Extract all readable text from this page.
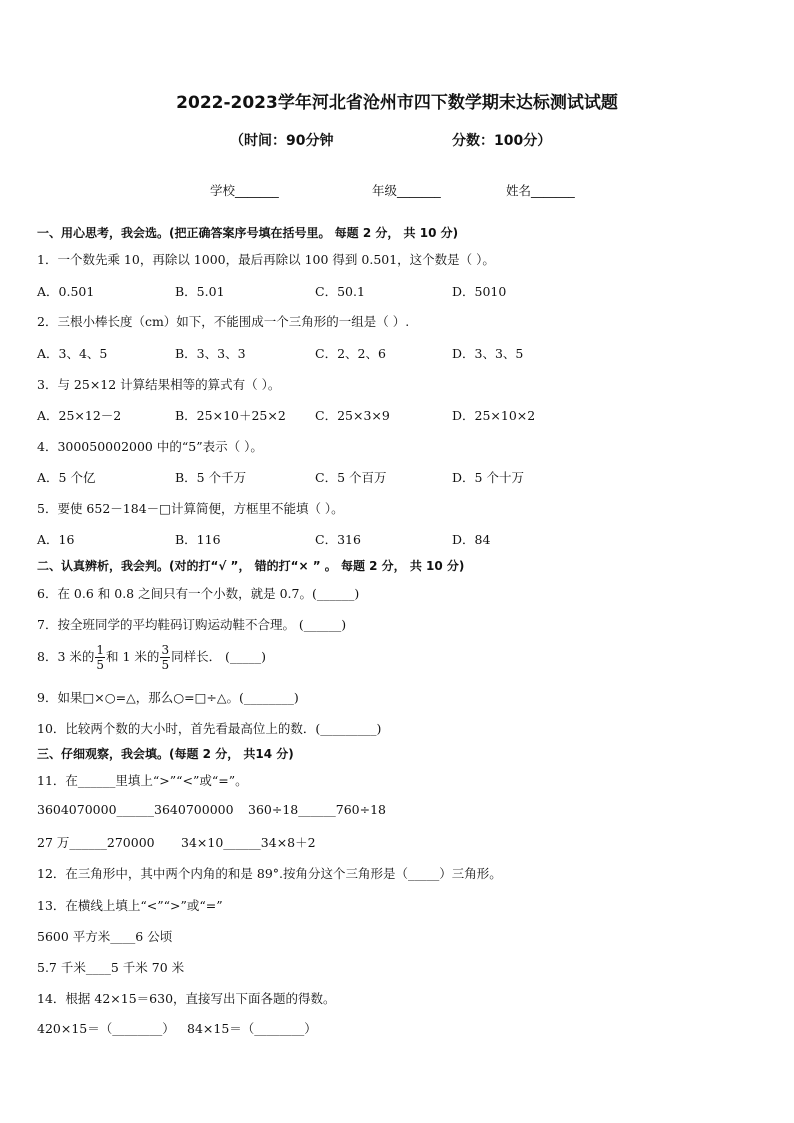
2022-2023学年河北省沧州市四下数学期末达标测试试题
（时间：90分钟	分数：100分）
学校_______	年级_______	姓名_______
一、用心思考，我会选。(把正确答案序号填在括号里。 每题 2 分， 共 10 分)
1．一个数先乘 10，再除以 1000，最后再除以 100 得到 0.501，这个数是（ ）。
A．0.501	B．5.01	C．50.1	D．5010
2．三根小棒长度（cm）如下，不能围成一个三角形的一组是（ ）.
A．3、4、5	B．3、3、3	C．2、2、6	D．3、3、5
3．与 25×12 计算结果相等的算式有（ ）。
A．25×12－2	B．25×10＋25×2 C．25×3×9	D．25×10×2
4．300050002000 中的“5”表示（ ）。
A．5 个亿	B．5 个千万	C．5 个百万	D．5 个十万
5．要使 652－184－□计算简便，方框里不能填（ ）。
A．16	B．116	C．316	D．84
二、认真辨析，我会判。(对的打“√ ”， 错的打“× ” 。 每题 2 分， 共 10 分)
6．在 0.6 和 0.8 之间只有一个小数，就是 0.7。(______)
7．按全班同学的平均鞋码订购运动鞋不合理。 (______)
8．3 米的 $\frac{1}{5}$ 和 1 米的 $\frac{3}{5}$ 同样长． (_____)
9．如果□×○=△，那么○=□÷△。(________)
10．比较两个数的大小时，首先看最高位上的数．(_________)
三、仔细观察，我会填。(每题 2 分， 共14 分)
11．在______里填上“>”“<”或“=”。
3604070000______3640700000 360÷18______760÷18
27 万______270000 34×10______34×8＋2
12．在三角形中，其中两个内角的和是 89°.按角分这个三角形是（_____）三角形。
13．在横线上填上“<”“>”或“=”
5600 平方米____6 公顷
5.7 千米____5 千米 70 米
14．根据 42×15＝630，直接写出下面各题的得数。
420×15＝（________） 84×15＝（________）
